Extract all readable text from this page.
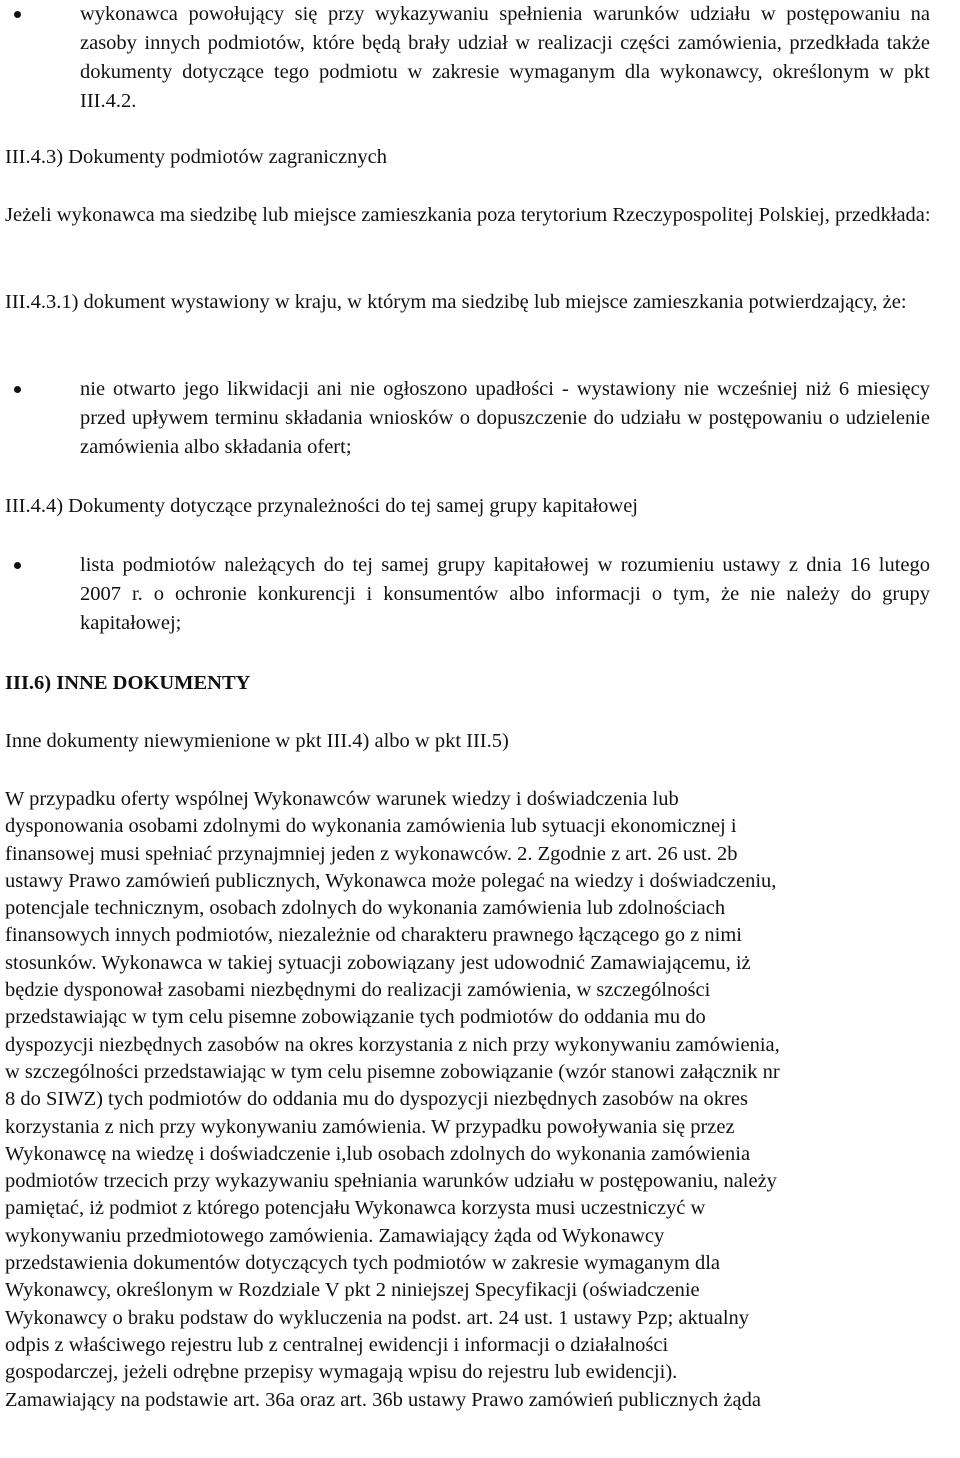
wykonawca powołujący się przy wykazywaniu spełnienia warunków udziału w postępowaniu na zasoby innych podmiotów, które będą brały udział w realizacji części zamówienia, przedkłada także dokumenty dotyczące tego podmiotu w zakresie wymaganym dla wykonawcy, określonym w pkt III.4.2.

III.4.3) Dokumenty podmiotów zagranicznych

Jeżeli wykonawca ma siedzibę lub miejsce zamieszkania poza terytorium Rzeczypospolitej Polskiej, przedkłada:

III.4.3.1) dokument wystawiony w kraju, w którym ma siedzibę lub miejsce zamieszkania potwierdzający, że:

nie otwarto jego likwidacji ani nie ogłoszono upadłości - wystawiony nie wcześniej niż 6 miesięcy przed upływem terminu składania wniosków o dopuszczenie do udziału w postępowaniu o udzielenie zamówienia albo składania ofert;

III.4.4) Dokumenty dotyczące przynależności do tej samej grupy kapitałowej

lista podmiotów należących do tej samej grupy kapitałowej w rozumieniu ustawy z dnia 16 lutego 2007 r. o ochronie konkurencji i konsumentów albo informacji o tym, że nie należy do grupy kapitałowej;

III.6) INNE DOKUMENTY

Inne dokumenty niewymienione w pkt III.4) albo w pkt III.5)

W przypadku oferty wspólnej Wykonawców warunek wiedzy i doświadczenia lub
dysponowania osobami zdolnymi do wykonania zamówienia lub sytuacji ekonomicznej i
finansowej musi spełniać przynajmniej jeden z wykonawców. 2. Zgodnie z art. 26 ust. 2b
ustawy Prawo zamówień publicznych, Wykonawca może polegać na wiedzy i doświadczeniu,
potencjale technicznym, osobach zdolnych do wykonania zamówienia lub zdolnościach
finansowych innych podmiotów, niezależnie od charakteru prawnego łączącego go z nimi
stosunków. Wykonawca w takiej sytuacji zobowiązany jest udowodnić Zamawiającemu, iż
będzie dysponował zasobami niezbędnymi do realizacji zamówienia, w szczególności
przedstawiając w tym celu pisemne zobowiązanie tych podmiotów do oddania mu do
dyspozycji niezbędnych zasobów na okres korzystania z nich przy wykonywaniu zamówienia,
w szczególności przedstawiając w tym celu pisemne zobowiązanie (wzór stanowi załącznik nr
8 do SIWZ) tych podmiotów do oddania mu do dyspozycji niezbędnych zasobów na okres
korzystania z nich przy wykonywaniu zamówienia. W przypadku powoływania się przez
Wykonawcę na wiedzę i doświadczenie i,lub osobach zdolnych do wykonania zamówienia
podmiotów trzecich przy wykazywaniu spełniania warunków udziału w postępowaniu, należy
pamiętać, iż podmiot z którego potencjału Wykonawca korzysta musi uczestniczyć w
wykonywaniu przedmiotowego zamówienia. Zamawiający żąda od Wykonawcy
przedstawienia dokumentów dotyczących tych podmiotów w zakresie wymaganym dla
Wykonawcy, określonym w Rozdziale V pkt 2 niniejszej Specyfikacji (oświadczenie
Wykonawcy o braku podstaw do wykluczenia na podst. art. 24 ust. 1 ustawy Pzp; aktualny
odpis z właściwego rejestru lub z centralnej ewidencji i informacji o działalności
gospodarczej, jeżeli odrębne przepisy wymagają wpisu do rejestru lub ewidencji).
Zamawiający na podstawie art. 36a oraz art. 36b ustawy Prawo zamówień publicznych żąda
